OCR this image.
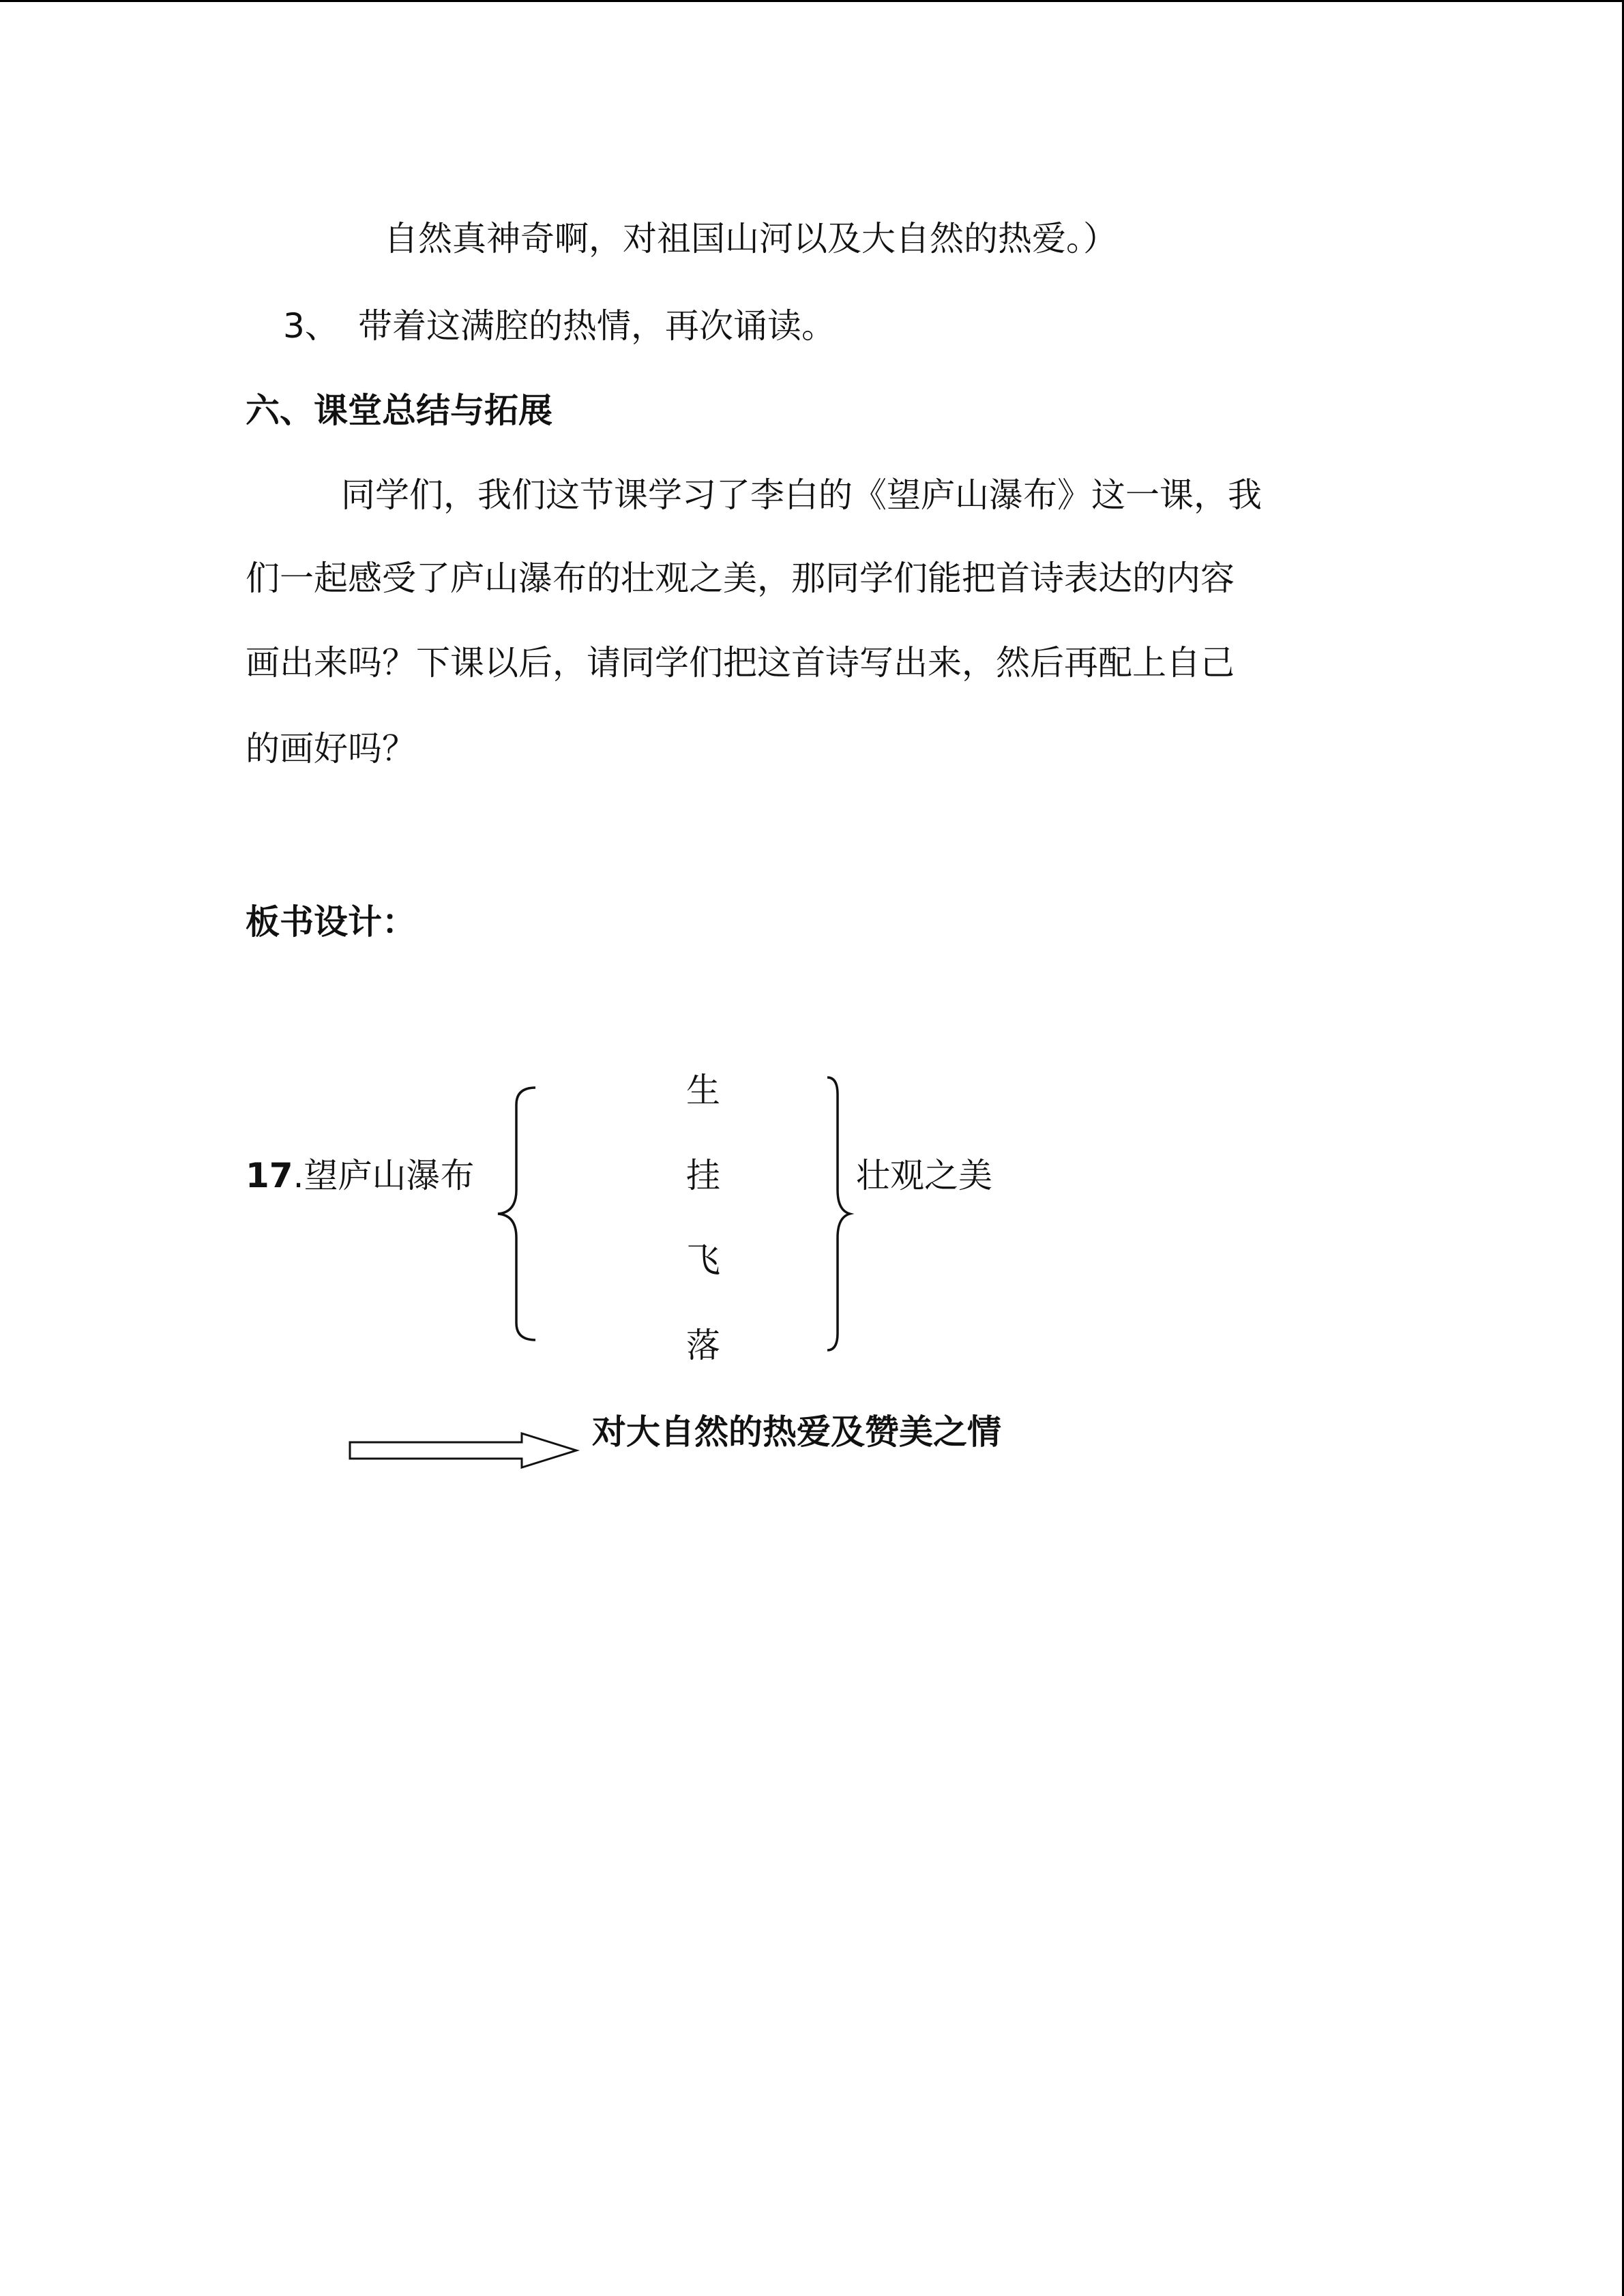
自然真神奇啊，对祖国山河以及大自然的热爱。）
3、 带着这满腔的热情，再次诵读。
六、课堂总结与拓展
同学们，我们这节课学习了李白的《望庐山瀑布》这一课，我
们一起感受了庐山瀑布的壮观之美，那同学们能把首诗表达的内容
画出来吗？下课以后，请同学们把这首诗写出来，然后再配上自己
的画好吗？
板书设计：
17.望庐山瀑布
生
挂
飞
落
壮观之美
对大自然的热爱及赞美之情
